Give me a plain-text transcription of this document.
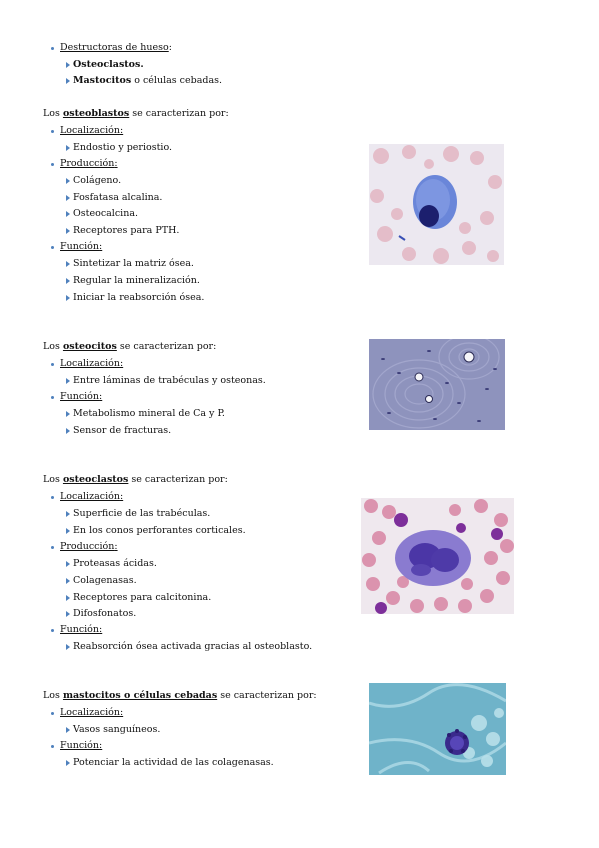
Destructoras de hueso:
Osteoclastos.
Mastocitos o células cebadas.
Los osteoblastos se caracterizan por:
Localización:
Endostio y periostio.
Producción:
Colágeno.
Fosfatasa alcalina.
Osteocalcina.
Receptores para PTH.
Función:
Sintetizar la matriz ósea.
Regular la mineralización.
Iniciar la reabsorción ósea.
Los osteocitos se caracterizan por:
Localización:
Entre láminas de trabéculas y osteonas.
Función:
Metabolismo mineral de Ca y P.
Sensor de fracturas.
Los osteoclastos se caracterizan por:
Localización:
Superficie de las trabéculas.
En los conos perforantes corticales.
Producción:
Proteasas ácidas.
Colagenasas.
Receptores para calcitonina.
Difosfonatos.
Función:
Reabsorción ósea activada gracias al osteoblasto.
Los mastocitos o células cebadas se caracterizan por:
Localización:
Vasos sanguíneos.
Función:
Potenciar la actividad de las colagenasas.
